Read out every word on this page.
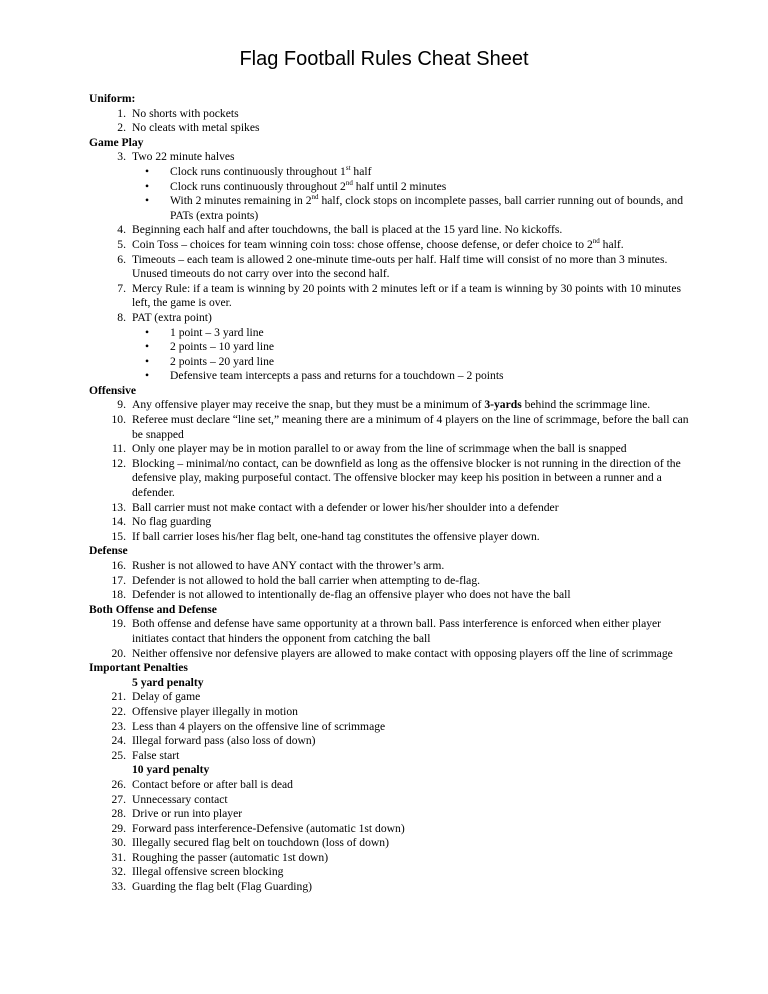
Flag Football Rules Cheat Sheet
Uniform:
1. No shorts with pockets
2. No cleats with metal spikes
Game Play
3. Two 22 minute halves
• Clock runs continuously throughout 1st half
• Clock runs continuously throughout 2nd half until 2 minutes
• With 2 minutes remaining in 2nd half, clock stops on incomplete passes, ball carrier running out of bounds, and PATs (extra points)
4. Beginning each half and after touchdowns, the ball is placed at the 15 yard line. No kickoffs.
5. Coin Toss – choices for team winning coin toss: chose offense, choose defense, or defer choice to 2nd half.
6. Timeouts – each team is allowed 2 one-minute time-outs per half. Half time will consist of no more than 3 minutes. Unused timeouts do not carry over into the second half.
7. Mercy Rule: if a team is winning by 20 points with 2 minutes left or if a team is winning by 30 points with 10 minutes left, the game is over.
8. PAT (extra point)
• 1 point – 3 yard line
• 2 points – 10 yard line
• 2 points – 20 yard line
• Defensive team intercepts a pass and returns for a touchdown – 2 points
Offensive
9. Any offensive player may receive the snap, but they must be a minimum of 3-yards behind the scrimmage line.
10. Referee must declare “line set,” meaning there are a minimum of 4 players on the line of scrimmage, before the ball can be snapped
11. Only one player may be in motion parallel to or away from the line of scrimmage when the ball is snapped
12. Blocking – minimal/no contact, can be downfield as long as the offensive blocker is not running in the direction of the defensive play, making purposeful contact. The offensive blocker may keep his position in between a runner and a defender.
13. Ball carrier must not make contact with a defender or lower his/her shoulder into a defender
14. No flag guarding
15. If ball carrier loses his/her flag belt, one-hand tag constitutes the offensive player down.
Defense
16. Rusher is not allowed to have ANY contact with the thrower’s arm.
17. Defender is not allowed to hold the ball carrier when attempting to de-flag.
18. Defender is not allowed to intentionally de-flag an offensive player who does not have the ball
Both Offense and Defense
19. Both offense and defense have same opportunity at a thrown ball. Pass interference is enforced when either player initiates contact that hinders the opponent from catching the ball
20. Neither offensive nor defensive players are allowed to make contact with opposing players off the line of scrimmage
Important Penalties
5 yard penalty
21. Delay of game
22. Offensive player illegally in motion
23. Less than 4 players on the offensive line of scrimmage
24. Illegal forward pass (also loss of down)
25. False start
10 yard penalty
26. Contact before or after ball is dead
27. Unnecessary contact
28. Drive or run into player
29. Forward pass interference-Defensive (automatic 1st down)
30. Illegally secured flag belt on touchdown (loss of down)
31. Roughing the passer (automatic 1st down)
32. Illegal offensive screen blocking
33. Guarding the flag belt (Flag Guarding)
